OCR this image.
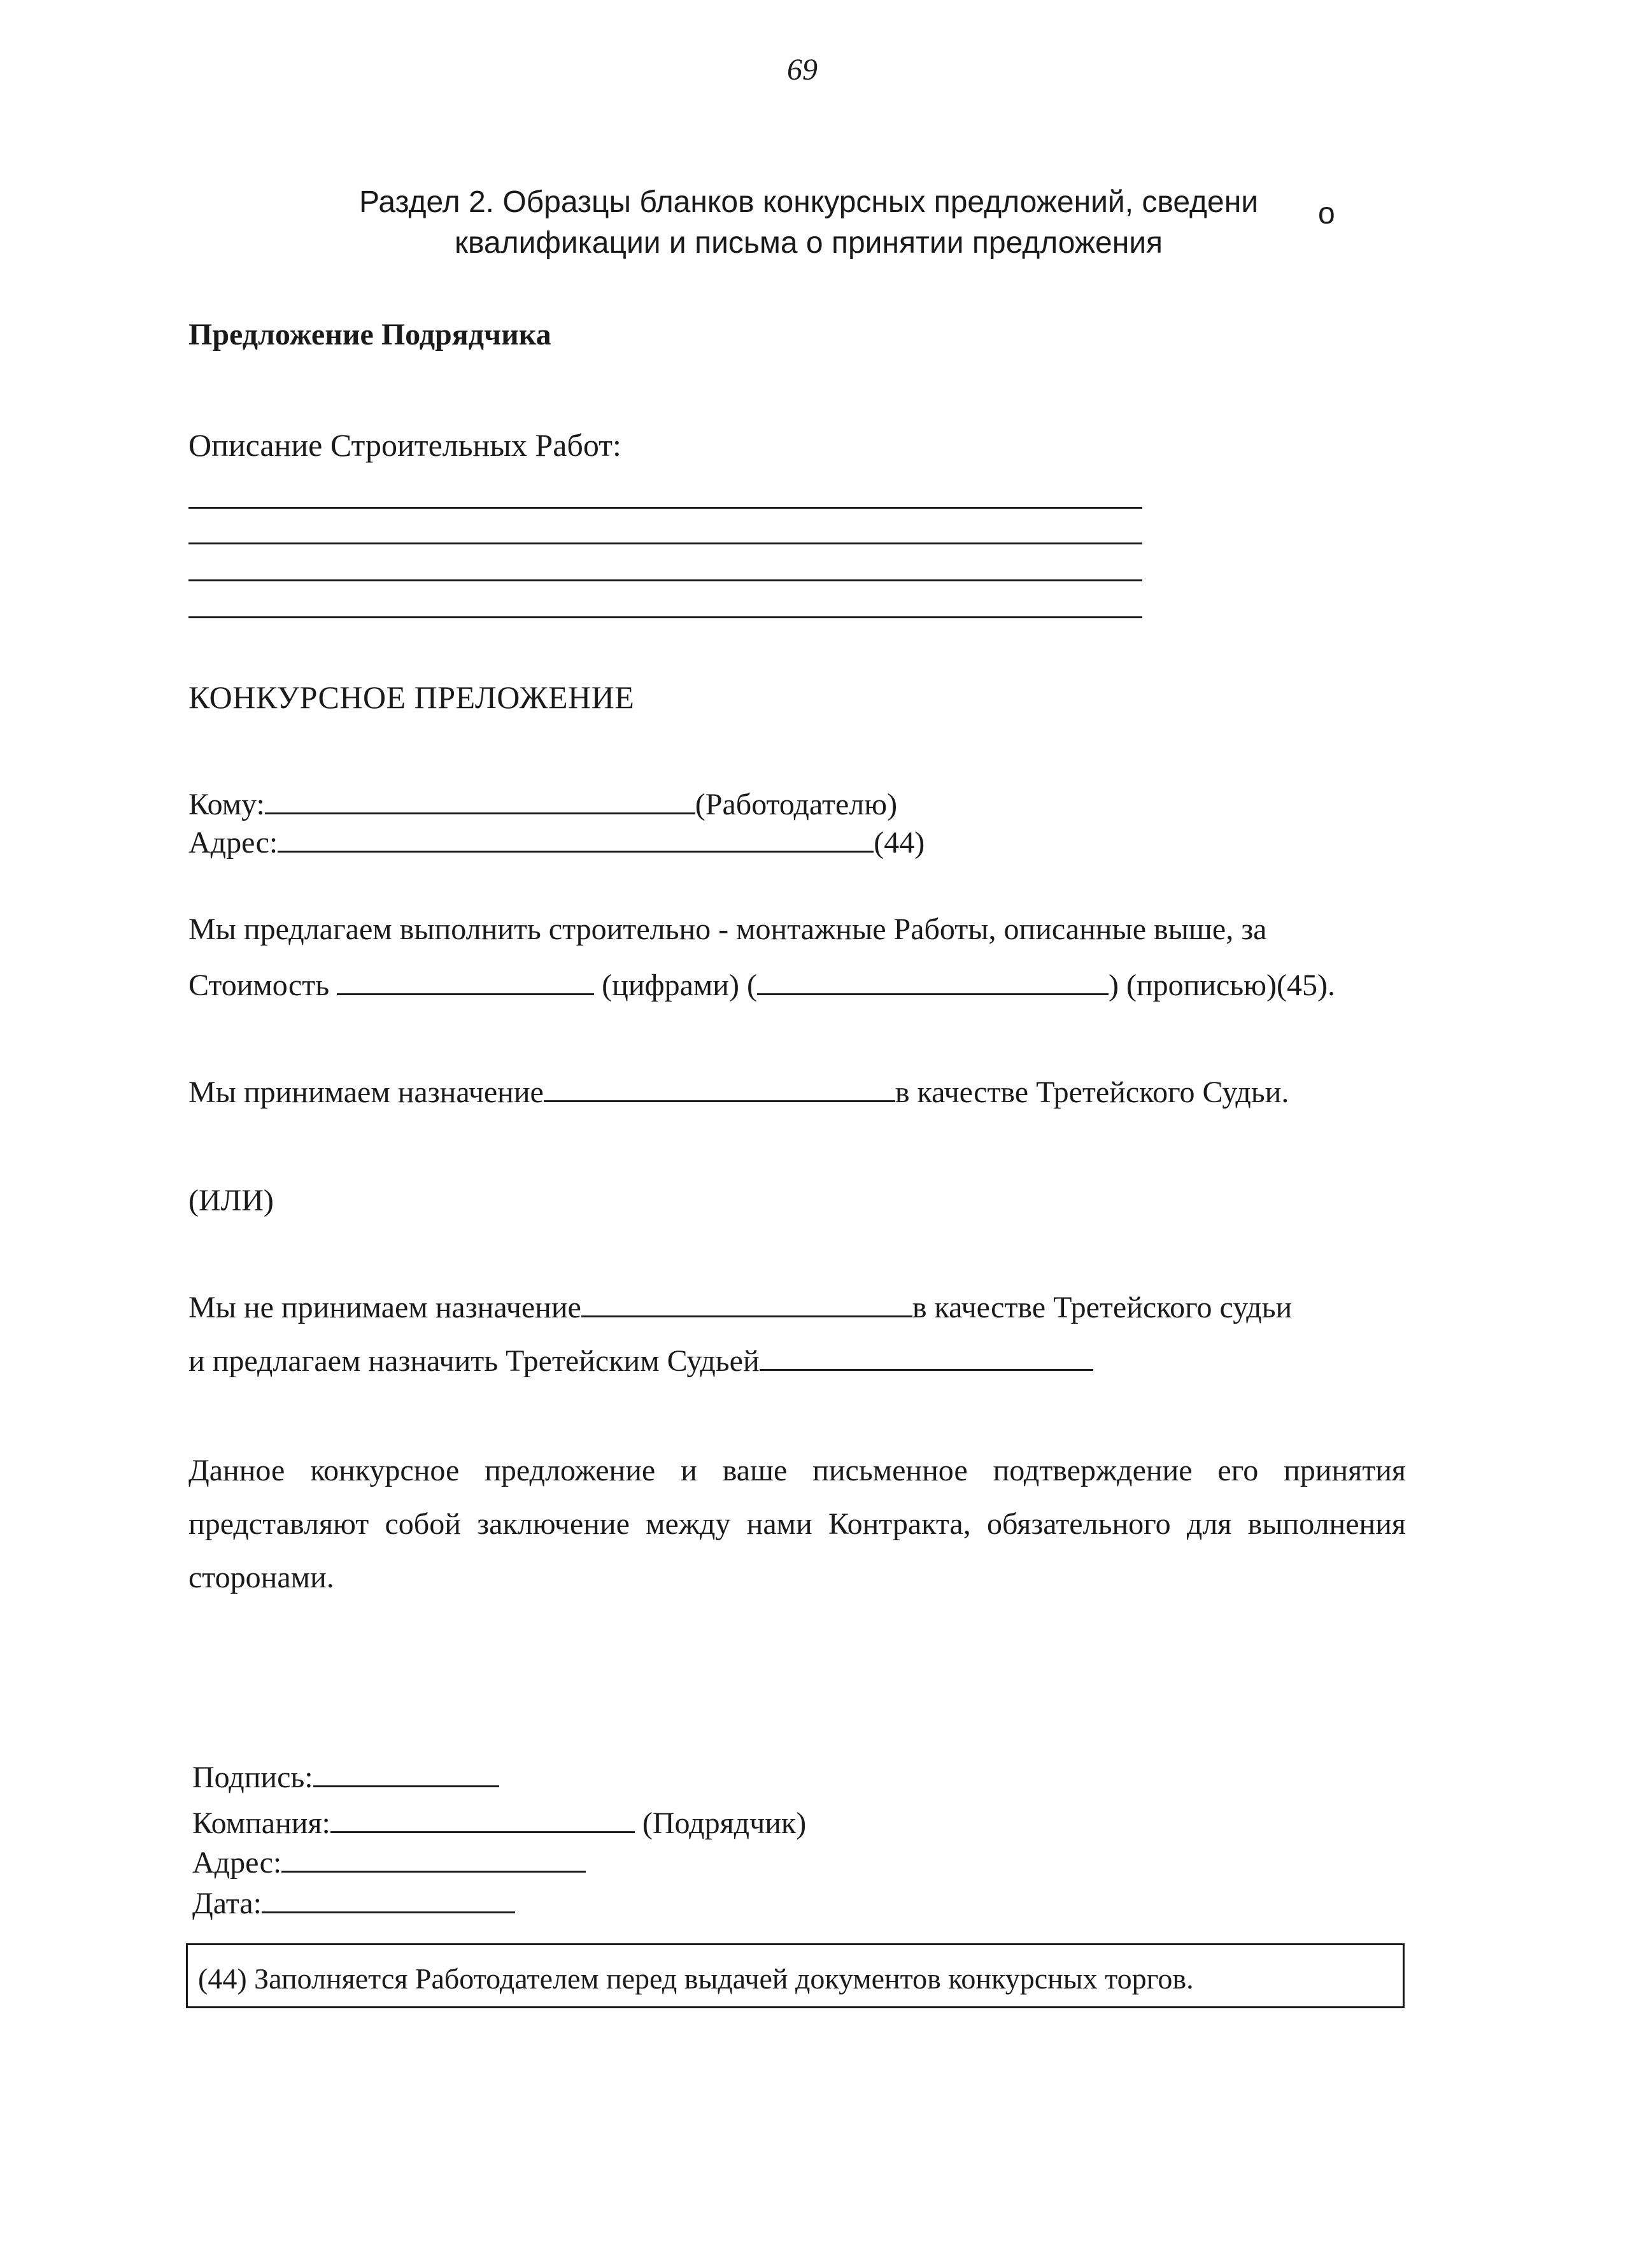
69
Раздел 2. Образцы бланков конкурсных предложений, сведени
квалификации и письма о принятии предложения
о
Предложение Подрядчика
Описание Строительных Работ:
КОНКУРСНОЕ ПРЕЛОЖЕНИЕ
Кому:	(Работодателю)
Адрес:	(44)
Мы предлагаем выполнить строительно - монтажные Работы, описанные выше, за
Стоимость	(цифрами) (	) (прописью)(45).
Мы принимаем назначение	в качестве Третейского Судьи.
(ИЛИ)
Мы не принимаем назначение	в качестве Третейского судьи
и предлагаем назначить Третейским Судьей
Данное конкурсное предложение и ваше письменное подтверждение его принятия представляют собой заключение между нами Контракта, обязательного для выполнения сторонами.
Подпись:
Компания:	(Подрядчик)
Адрес:
Дата:
(44) Заполняется Работодателем перед выдачей документов конкурсных торгов.
